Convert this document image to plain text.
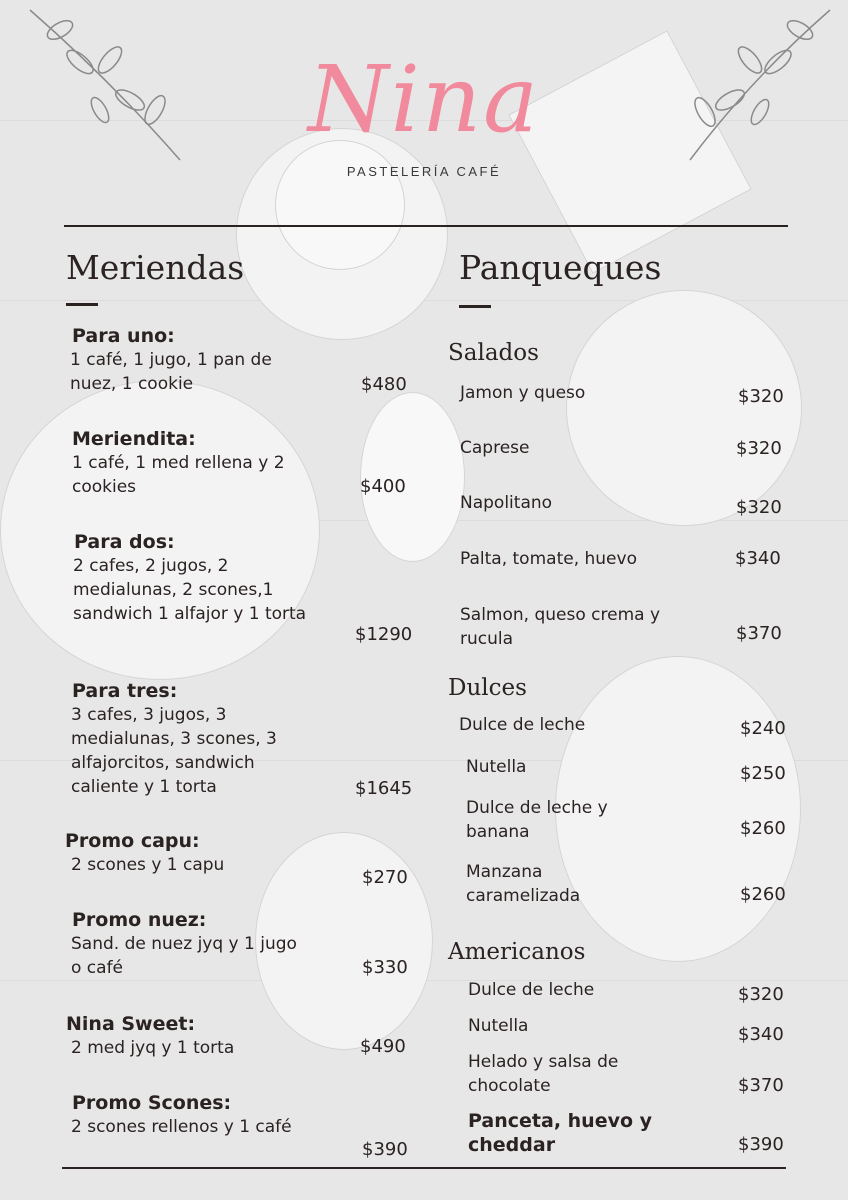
Nina
PASTELERÍA CAFÉ
Meriendas
Para uno:
1 café, 1 jugo, 1 pan de nuez, 1 cookie	$480
Meriendita:
1 café, 1 med rellena y 2 cookies	$400
Para dos:
2 cafes, 2 jugos, 2 medialunas, 2 scones,1 sandwich 1 alfajor y 1 torta
$1290
Para tres:
3 cafes, 3 jugos, 3 medialunas, 3 scones, 3 alfajorcitos, sandwich caliente y 1 torta	$1645
Promo capu:
2 scones y 1 capu
$270
Promo nuez:
Sand. de nuez jyq y 1 jugo o café	$330
Nina Sweet:
2 med jyq y 1 torta	$490
Promo Scones:
2 scones rellenos y 1 café
$390
Panqueques
Salados
Jamon y queso	$320
Caprese	$320
Napolitano	$320
Palta, tomate, huevo	$340
Salmon, queso crema y rucula	$370
Dulces
Dulce de leche	$240
Nutella	$250
Dulce de leche y banana	$260
Manzana caramelizada	$260
Americanos
Dulce de leche	$320
Nutella	$340
Helado y salsa de chocolate	$370
Panceta, huevo y cheddar	$390
